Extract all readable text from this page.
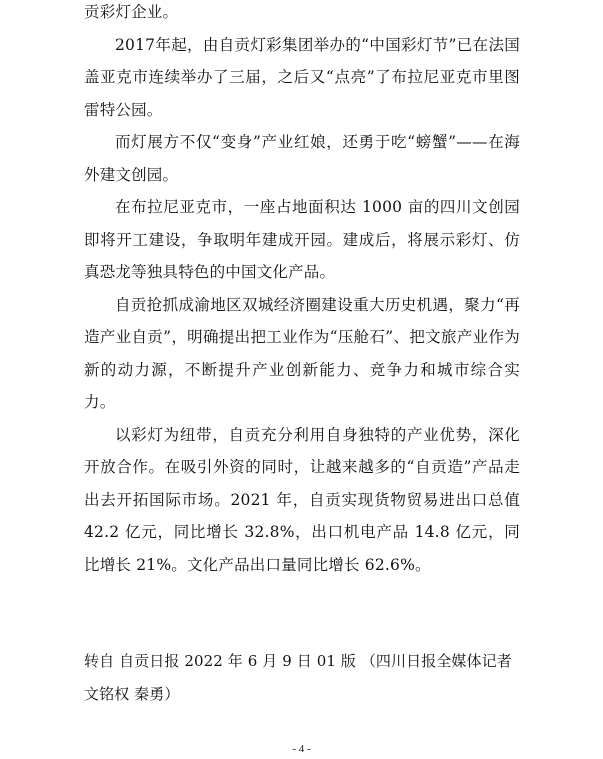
贡彩灯企业。

2017年起，由自贡灯彩集团举办的“中国彩灯节”已在法国盖亚克市连续举办了三届，之后又“点亮”了布拉尼亚克市里图雷特公园。

而灯展方不仅“变身”产业红娘，还勇于吃“螃蟹”——在海外建文创园。

在布拉尼亚克市，一座占地面积达 1000 亩的四川文创园即将开工建设，争取明年建成开园。建成后，将展示彩灯、仿真恐龙等独具特色的中国文化产品。

自贡抢抓成渝地区双城经济圈建设重大历史机遇，聚力“再造产业自贡”，明确提出把工业作为“压舱石”、把文旅产业作为新的动力源，不断提升产业创新能力、竞争力和城市综合实力。

以彩灯为纽带，自贡充分利用自身独特的产业优势，深化开放合作。在吸引外资的同时，让越来越多的“自贡造”产品走出去开拓国际市场。2021 年，自贡实现货物贸易进出口总值 42.2 亿元，同比增长 32.8%，出口机电产品 14.8 亿元，同比增长 21%。文化产品出口量同比增长 62.6%。

转自 自贡日报 2022 年 6 月 9 日 01 版 （四川日报全媒体记者 文铭权 秦勇）

- 4 -
